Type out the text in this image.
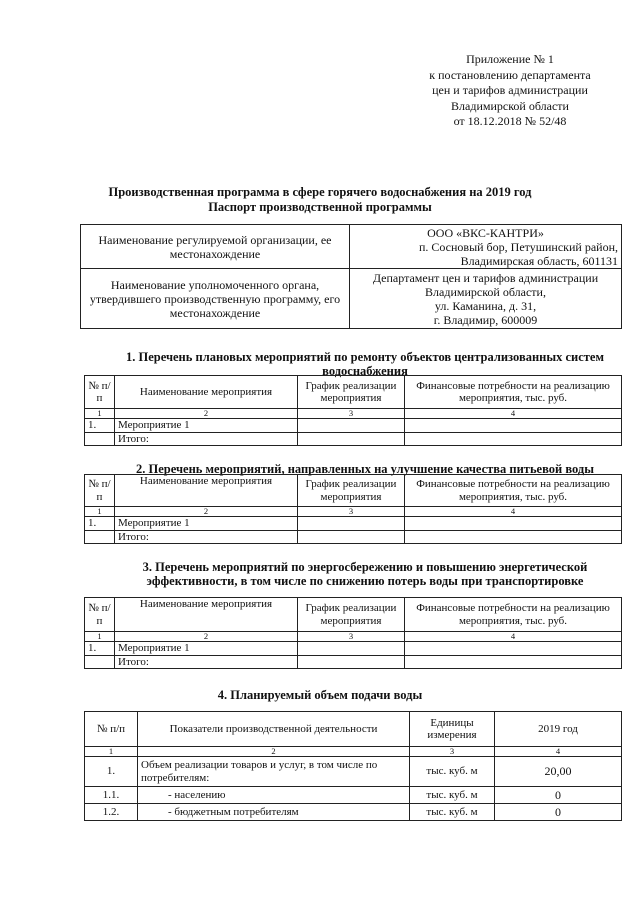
Приложение № 1
к постановлению департамента
цен и тарифов администрации
Владимирской области
от 18.12.2018 № 52/48
Производственная программа в сфере горячего водоснабжения на 2019 год
Паспорт производственной программы
Наименование регулируемой организации, ее местонахождение	ООО «ВКС-КАНТРИ»
п. Сосновый бор, Петушинский район,
Владимирская область, 601131

Наименование уполномоченного органа, утвердившего производственную программу, его местонахождение	Департамент цен и тарифов администрации
Владимирской области,
ул. Каманина, д. 31,
г. Владимир, 600009
1. Перечень плановых мероприятий по ремонту объектов централизованных систем
водоснабжения
№ п/п	Наименование мероприятия	График реализации мероприятия	Финансовые потребности на реализацию мероприятия, тыс. руб.
1	2	3	4
1.	Мероприятие 1		
	Итого:		
2. Перечень мероприятий, направленных на улучшение качества питьевой воды
№ п/п	Наименование мероприятия	График реализации мероприятия	Финансовые потребности на реализацию мероприятия, тыс. руб.
1	2	3	4
1.	Мероприятие 1		
	Итого:		
3. Перечень мероприятий по энергосбережению и повышению энергетической
эффективности, в том числе по снижению потерь воды при транспортировке
№ п/п	Наименование мероприятия	График реализации мероприятия	Финансовые потребности на реализацию мероприятия, тыс. руб.
1	2	3	4
1.	Мероприятие 1		
	Итого:		
4. Планируемый объем подачи воды
№ п/п	Показатели производственной деятельности	Единицы измерения	2019 год
1	2	3	4
1.	Объем реализации товаров и услуг, в том числе по потребителям:	тыс. куб. м	20,00
1.1.	- населению	тыс. куб. м	0
1.2.	- бюджетным потребителям	тыс. куб. м	0
